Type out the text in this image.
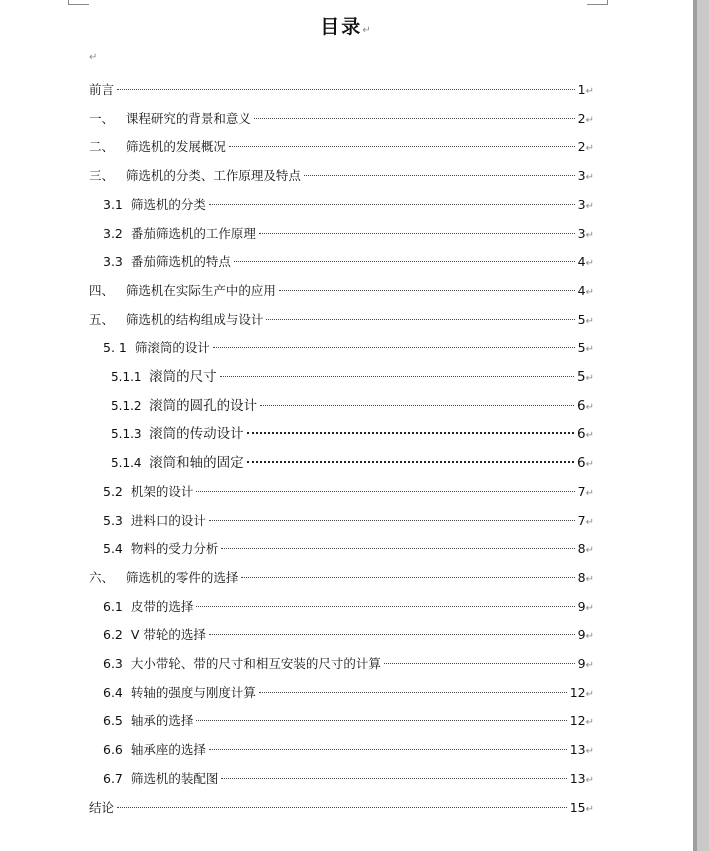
目录↵
↵
前言	1 ↵
一、 课程研究的背景和意义	2 ↵
二、 筛选机的发展概况	2 ↵
三、 筛选机的分类、工作原理及特点	3 ↵
3.1 筛选机的分类	3 ↵
3.2 番茄筛选机的工作原理	3 ↵
3.3 番茄筛选机的特点	4 ↵
四、 筛选机在实际生产中的应用	4 ↵
五、 筛选机的结构组成与设计	5 ↵
5. 1 筛滚筒的设计	5 ↵
5.1.1 滚筒的尺寸	5 ↵
5.1.2 滚筒的圆孔的设计	6 ↵
5.1.3 滚筒的传动设计	6 ↵
5.1.4 滚筒和轴的固定	6 ↵
5.2 机架的设计	7 ↵
5.3 进料口的设计	7 ↵
5.4 物料的受力分析	8 ↵
六、 筛选机的零件的选择	8 ↵
6.1 皮带的选择	9 ↵
6.2 V 带轮的选择	9 ↵
6.3 大小带轮、带的尺寸和相互安装的尺寸的计算	9 ↵
6.4 转轴的强度与刚度计算	12 ↵
6.5 轴承的选择	12 ↵
6.6 轴承座的选择	13 ↵
6.7 筛选机的装配图	13 ↵
结论	15 ↵
